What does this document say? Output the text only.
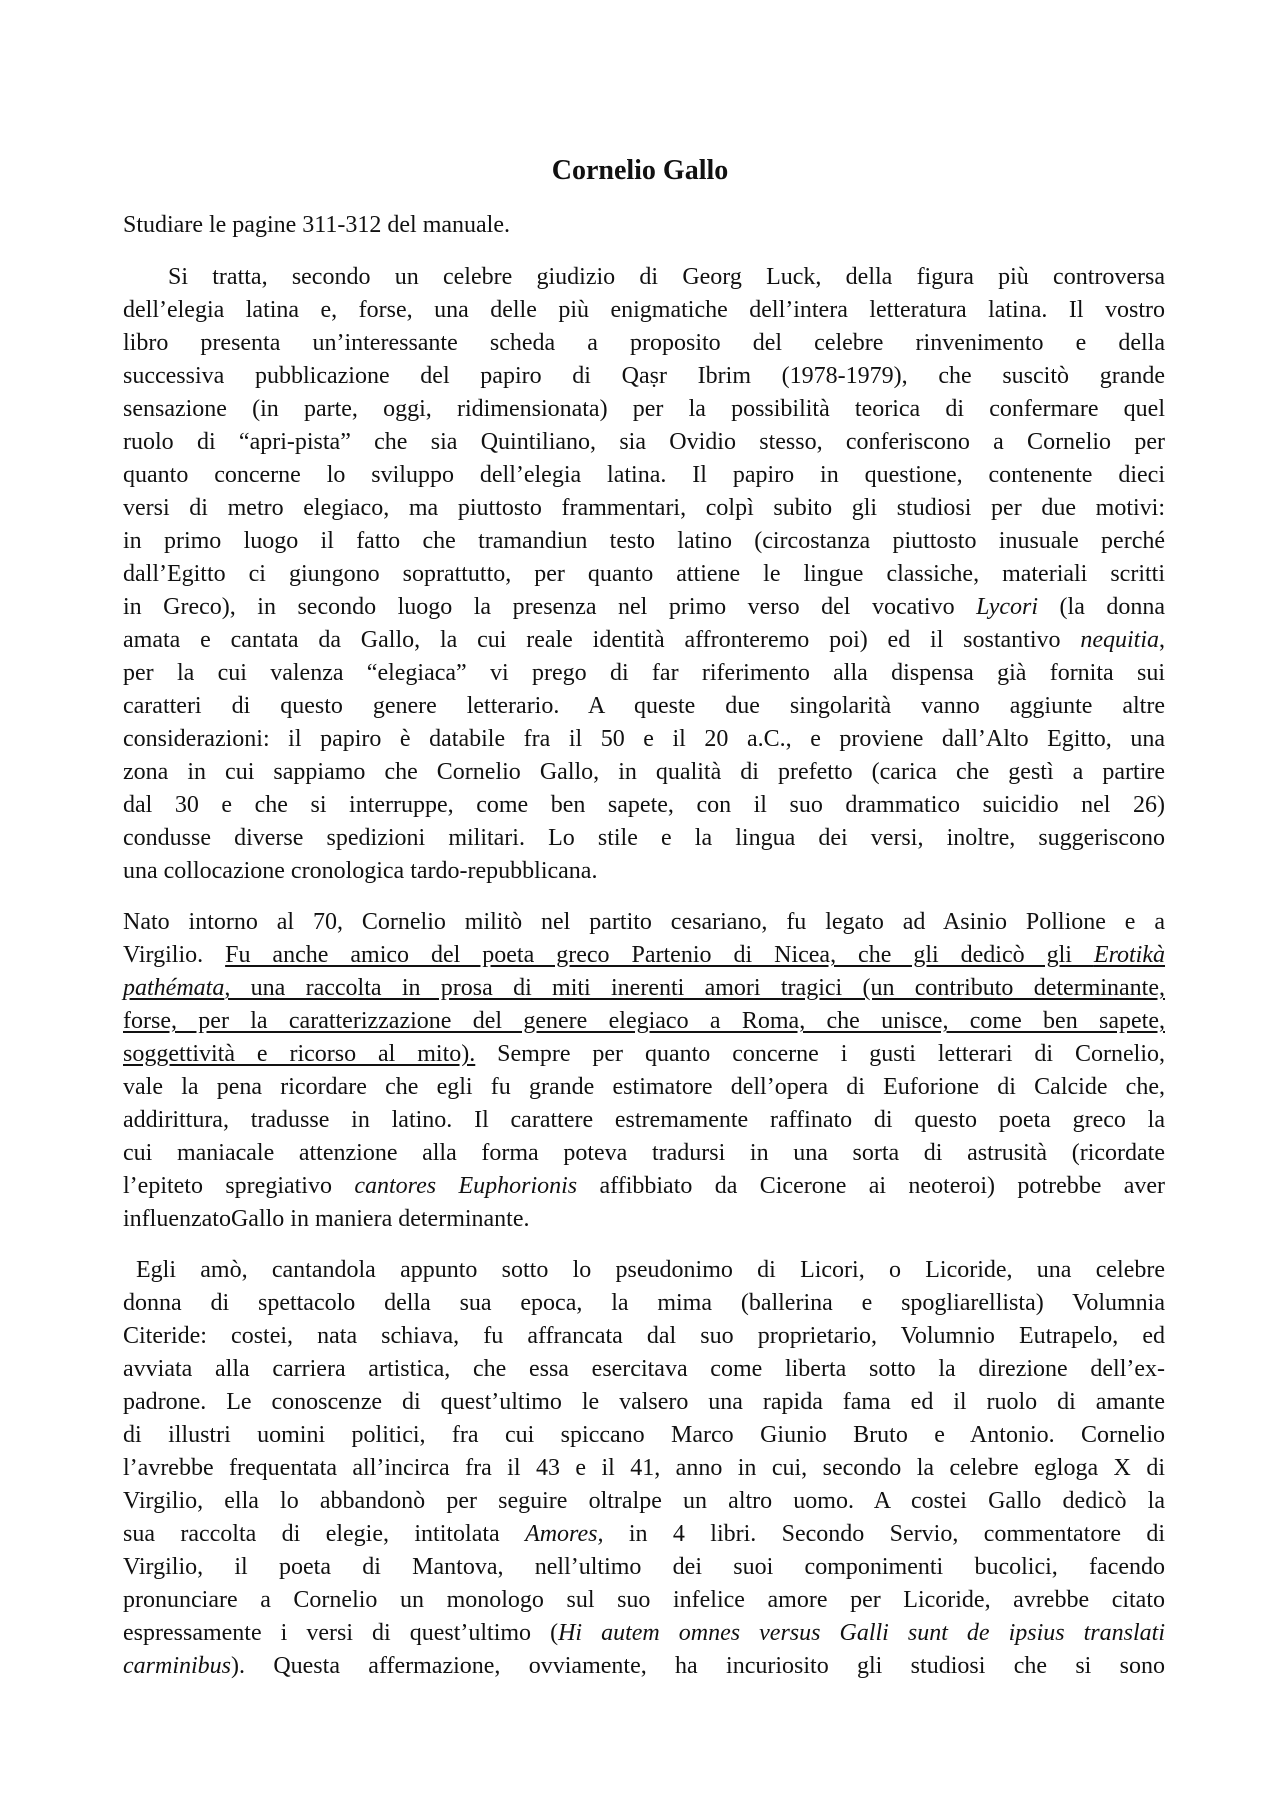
Cornelio Gallo
Studiare le pagine 311-312 del manuale.
Si tratta, secondo un celebre giudizio di Georg Luck, della figura più controversa
dell’elegia latina e, forse, una delle più enigmatiche dell’intera letteratura latina. Il vostro
libro presenta un’interessante scheda a proposito del celebre rinvenimento e della
successiva pubblicazione del papiro di Qaṣr Ibrim (1978-1979), che suscitò grande
sensazione (in parte, oggi, ridimensionata) per la possibilità teorica di confermare quel
ruolo di “apri-pista” che sia Quintiliano, sia Ovidio stesso, conferiscono a Cornelio per
quanto concerne lo sviluppo dell’elegia latina. Il papiro in questione, contenente dieci
versi di metro elegiaco, ma piuttosto frammentari, colpì subito gli studiosi per due motivi:
in primo luogo il fatto che tramandiun testo latino (circostanza piuttosto inusuale perché
dall’Egitto ci giungono soprattutto, per quanto attiene le lingue classiche, materiali scritti
in Greco), in secondo luogo la presenza nel primo verso del vocativo Lycori (la donna
amata e cantata da Gallo, la cui reale identità affronteremo poi) ed il sostantivo nequitia,
per la cui valenza “elegiaca” vi prego di far riferimento alla dispensa già fornita sui
caratteri di questo genere letterario. A queste due singolarità vanno aggiunte altre
considerazioni: il papiro è databile fra il 50 e il 20 a.C., e proviene dall’Alto Egitto, una
zona in cui sappiamo che Cornelio Gallo, in qualità di prefetto (carica che gestì a partire
dal 30 e che si interruppe, come ben sapete, con il suo drammatico suicidio nel 26)
condusse diverse spedizioni militari. Lo stile e la lingua dei versi, inoltre, suggeriscono
una collocazione cronologica tardo-repubblicana.
Nato intorno al 70, Cornelio militò nel partito cesariano, fu legato ad Asinio Pollione e a
Virgilio. Fu anche amico del poeta greco Partenio di Nicea, che gli dedicò gli Erotikà
pathémata, una raccolta in prosa di miti inerenti amori tragici (un contributo determinante,
forse, per la caratterizzazione del genere elegiaco a Roma, che unisce, come ben sapete,
soggettività e ricorso al mito). Sempre per quanto concerne i gusti letterari di Cornelio,
vale la pena ricordare che egli fu grande estimatore dell’opera di Euforione di Calcide che,
addirittura, tradusse in latino. Il carattere estremamente raffinato di questo poeta greco la
cui maniacale attenzione alla forma poteva tradursi in una sorta di astrusità (ricordate
l’epiteto spregiativo cantores Euphorionis affibbiato da Cicerone ai neoteroi) potrebbe aver
influenzatoGallo in maniera determinante.
Egli amò, cantandola appunto sotto lo pseudonimo di Licori, o Licoride, una celebre
donna di spettacolo della sua epoca, la mima (ballerina e spogliarellista) Volumnia
Citeride: costei, nata schiava, fu affrancata dal suo proprietario, Volumnio Eutrapelo, ed
avviata alla carriera artistica, che essa esercitava come liberta sotto la direzione dell’ex-
padrone. Le conoscenze di quest’ultimo le valsero una rapida fama ed il ruolo di amante
di illustri uomini politici, fra cui spiccano Marco Giunio Bruto e Antonio. Cornelio
l’avrebbe frequentata all’incirca fra il 43 e il 41, anno in cui, secondo la celebre egloga X di
Virgilio, ella lo abbandonò per seguire oltralpe un altro uomo. A costei Gallo dedicò la
sua raccolta di elegie, intitolata Amores, in 4 libri. Secondo Servio, commentatore di
Virgilio, il poeta di Mantova, nell’ultimo dei suoi componimenti bucolici, facendo
pronunciare a Cornelio un monologo sul suo infelice amore per Licoride, avrebbe citato
espressamente i versi di quest’ultimo (Hi autem omnes versus Galli sunt de ipsius translati
carminibus). Questa affermazione, ovviamente, ha incuriosito gli studiosi che si sono
